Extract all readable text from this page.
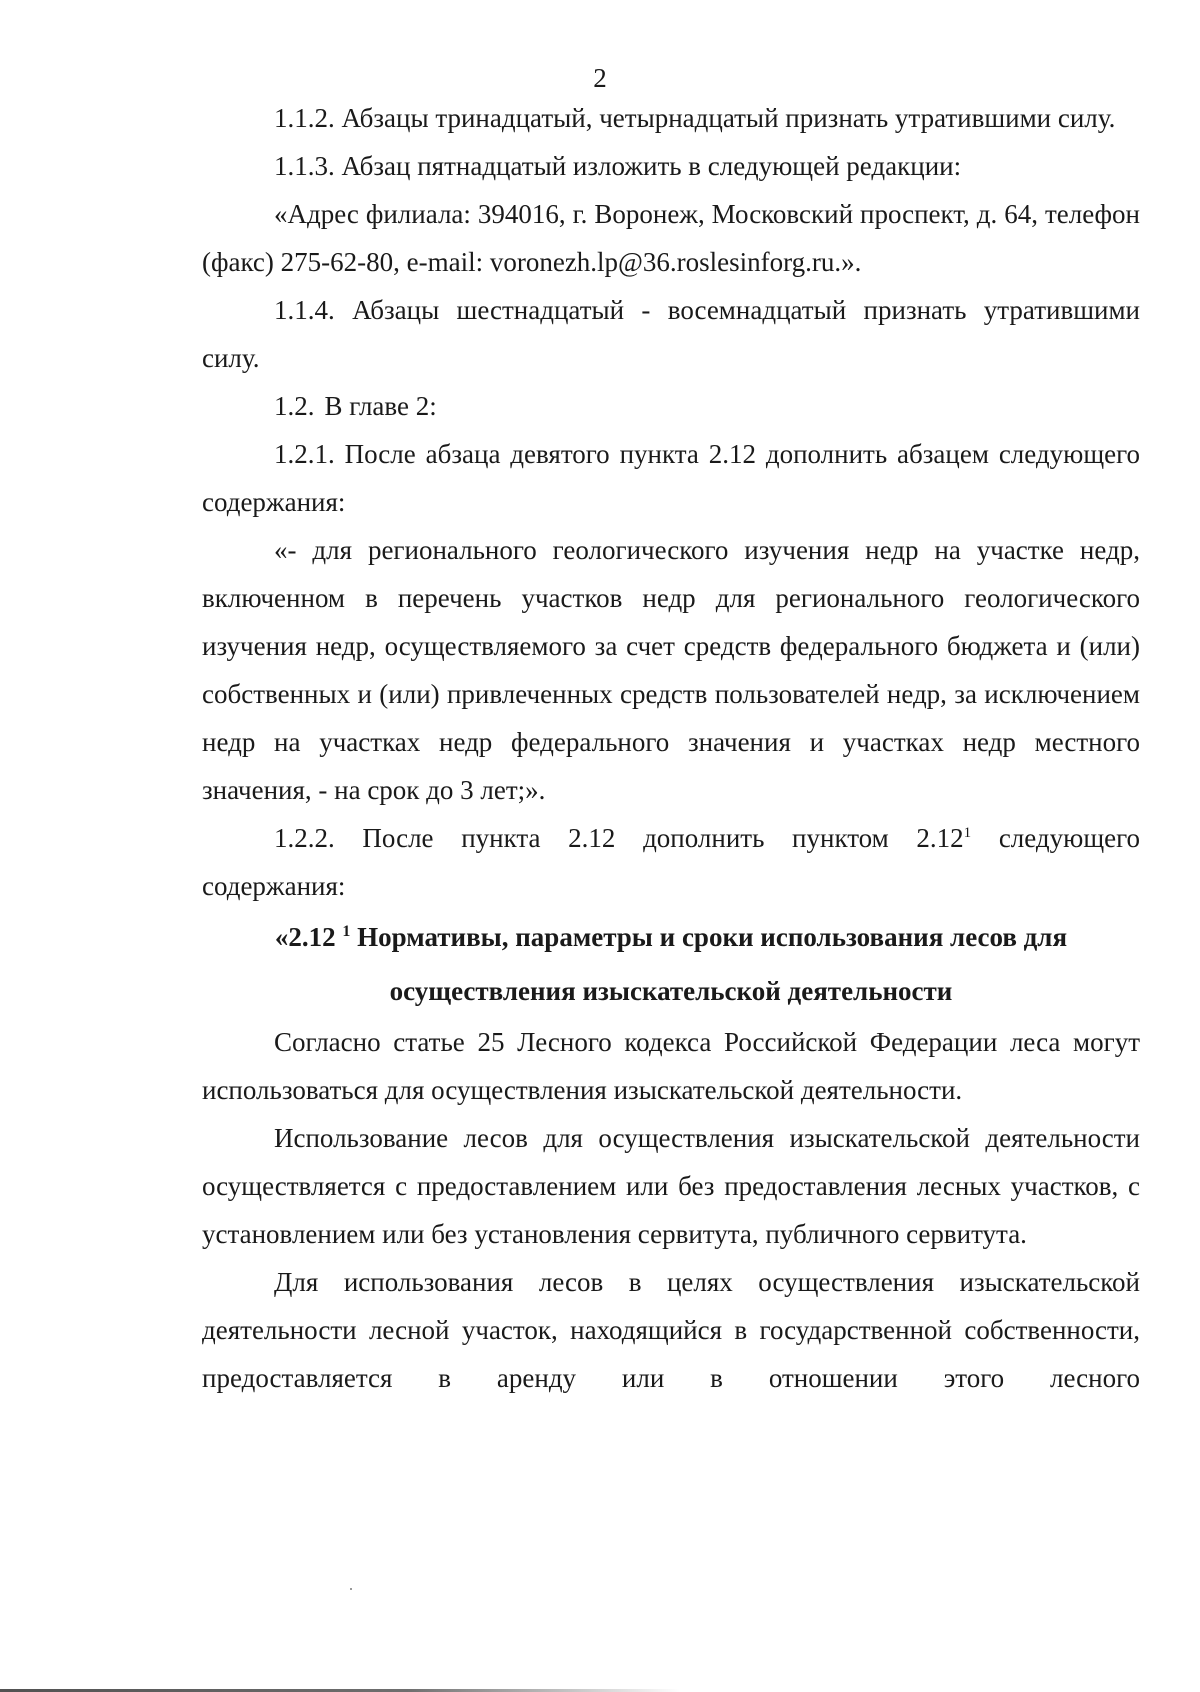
2

1.1.2. Абзацы тринадцатый, четырнадцатый признать утратившими силу.

1.1.3. Абзац пятнадцатый изложить в следующей редакции:

«Адрес филиала: 394016, г. Воронеж, Московский проспект, д. 64, телефон (факс) 275-62-80, e-mail: voronezh.lp@36.roslesinforg.ru.».

1.1.4. Абзацы шестнадцатый - восемнадцатый признать утратившими силу.

1.2. В главе 2:

1.2.1. После абзаца девятого пункта 2.12 дополнить абзацем следующего содержания:

«- для регионального геологического изучения недр на участке недр, включенном в перечень участков недр для регионального геологического изучения недр, осуществляемого за счет средств федерального бюджета и (или) собственных и (или) привлеченных средств пользователей недр, за исключением недр на участках недр федерального значения и участках недр местного значения, - на срок до 3 лет;».

1.2.2. После пункта 2.12 дополнить пунктом 2.12$^1$ следующего содержания:

«2.12 $^1$ Нормативы, параметры и сроки использования лесов для осуществления изыскательской деятельности

Согласно статье 25 Лесного кодекса Российской Федерации леса могут использоваться для осуществления изыскательской деятельности.

Использование лесов для осуществления изыскательской деятельности осуществляется с предоставлением или без предоставления лесных участков, с установлением или без установления сервитута, публичного сервитута.

Для использования лесов в целях осуществления изыскательской деятельности лесной участок, находящийся в государственной собственности, предоставляется в аренду или в отношении этого лесного
